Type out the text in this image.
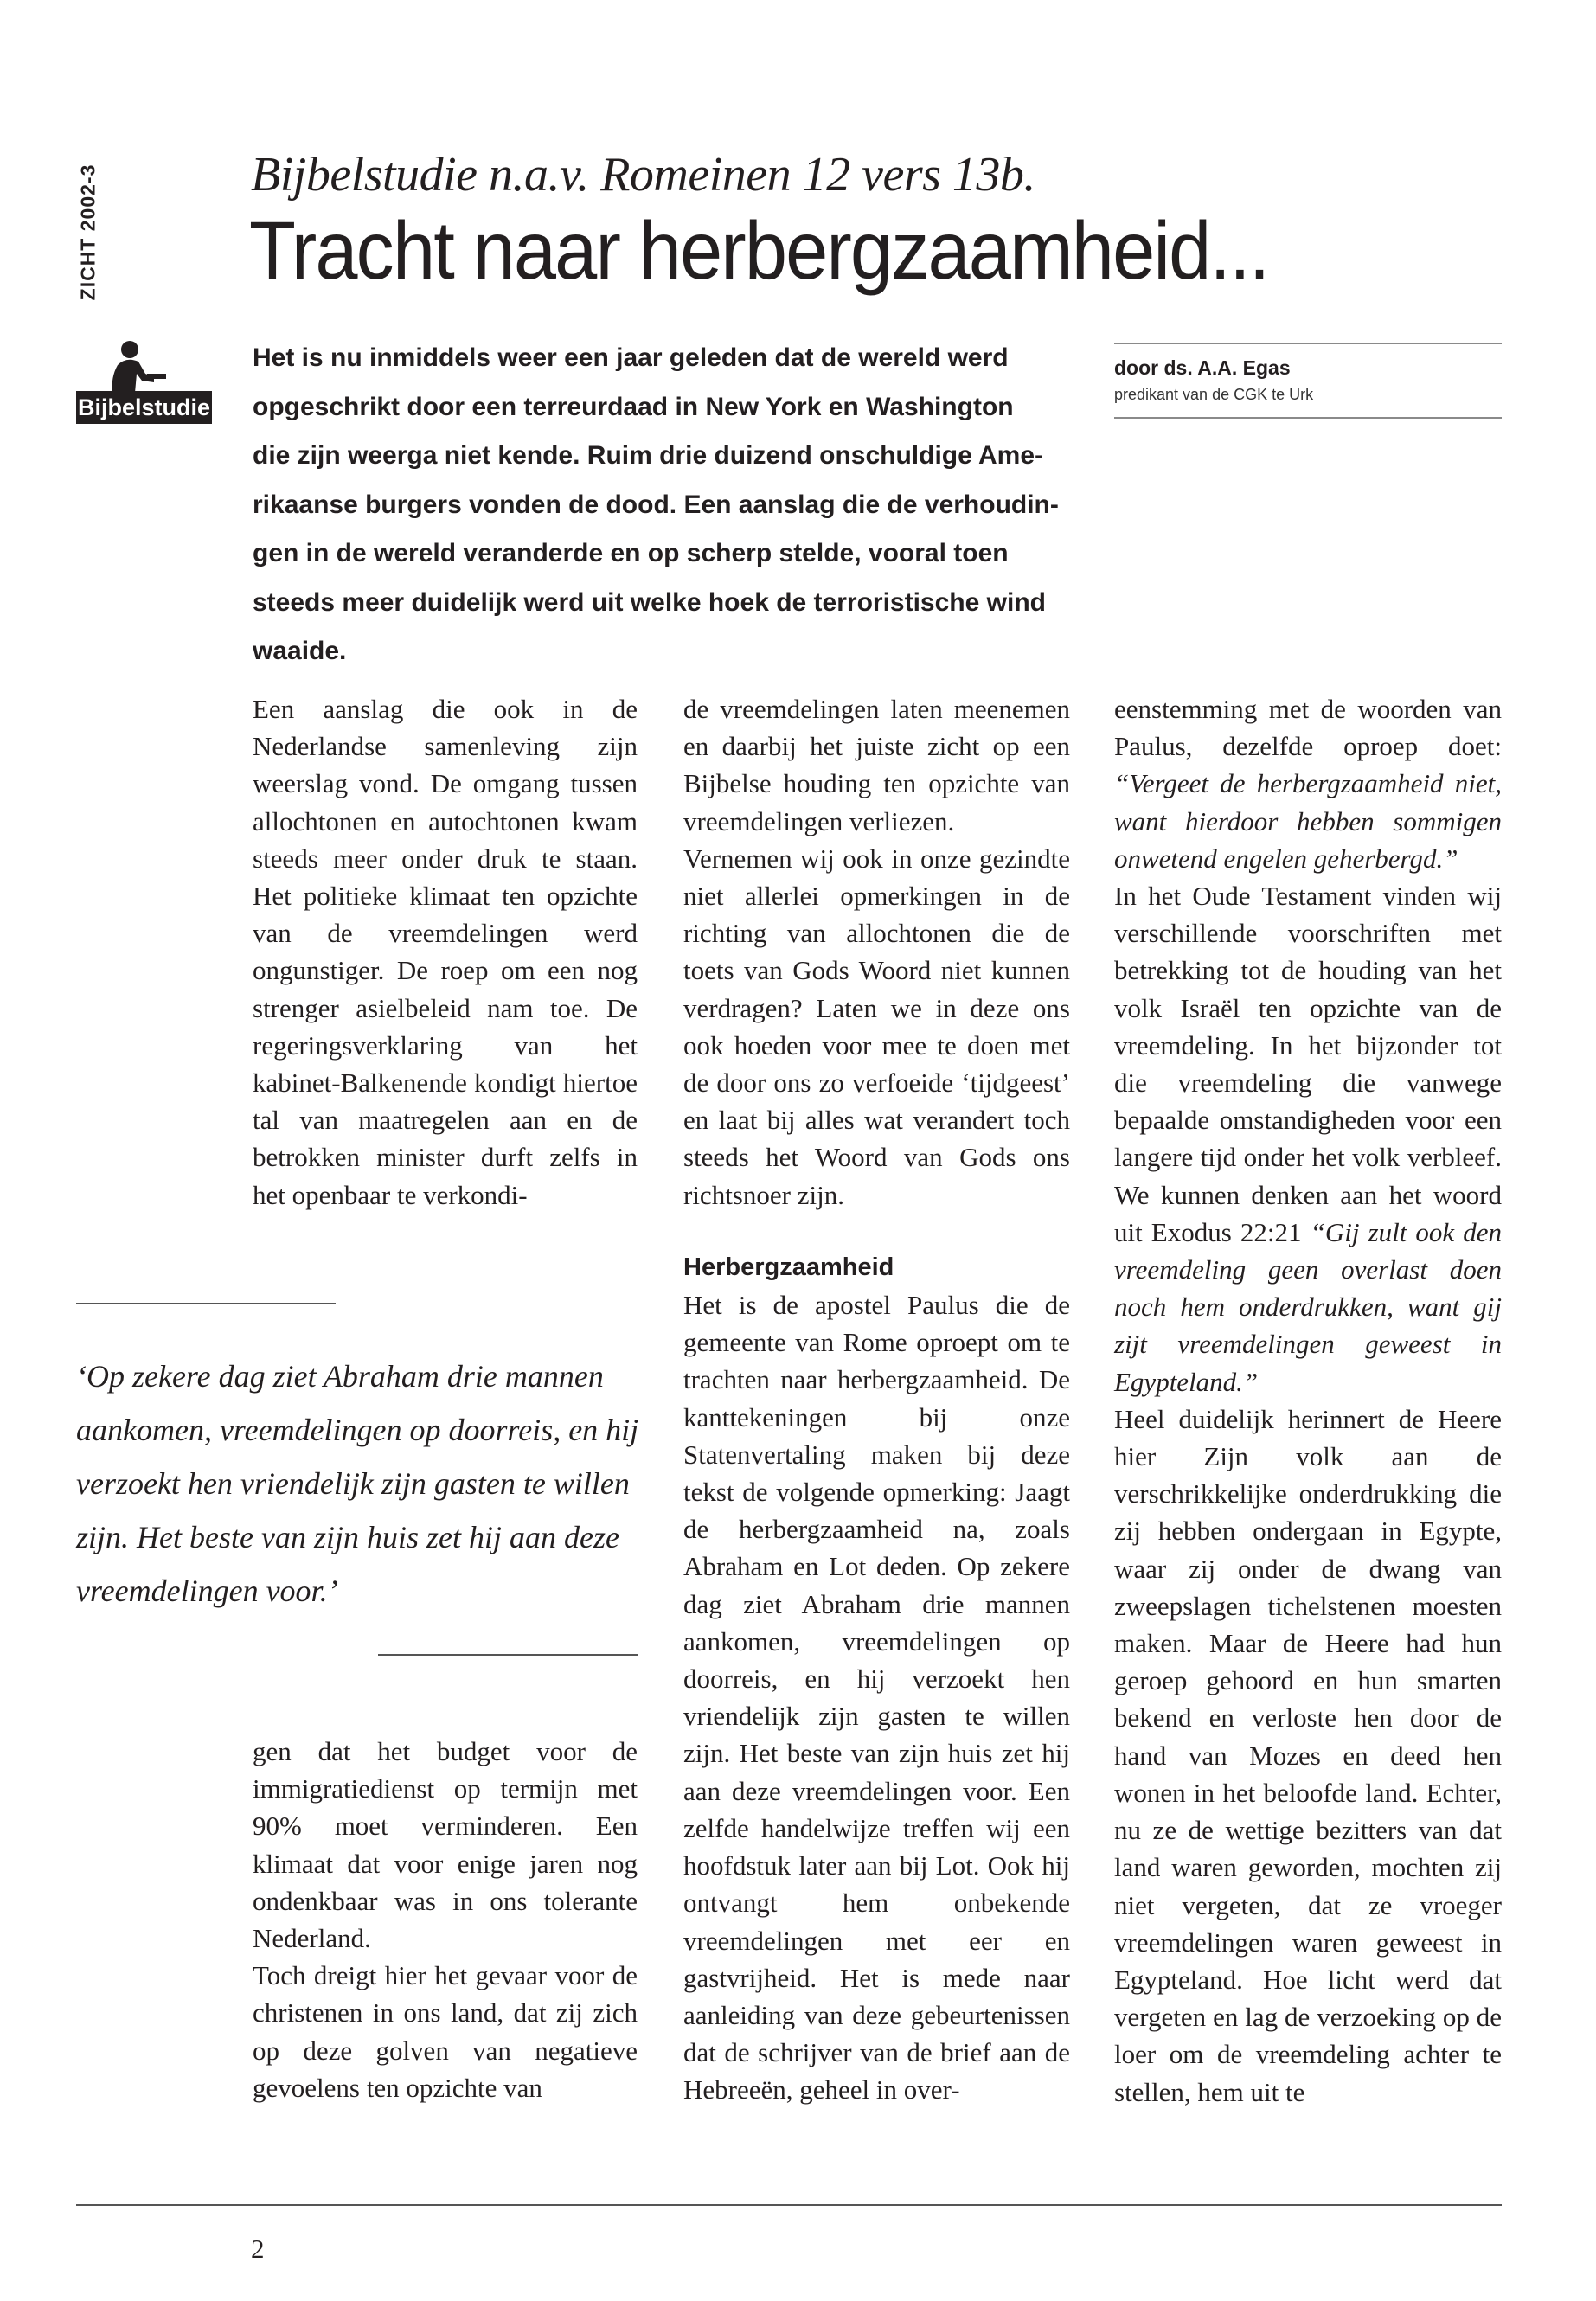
ZICHT 2002-3
Bijbelstudie
Bijbelstudie n.a.v. Romeinen 12 vers 13b.
Tracht naar herbergzaamheid...
Het is nu inmiddels weer een jaar geleden dat de wereld werd
opgeschrikt door een terreurdaad in New York en Washington
die zijn weerga niet kende. Ruim drie duizend onschuldige Ame-
rikaanse burgers vonden de dood. Een aanslag die de verhoudin-
gen in de wereld veranderde en op scherp stelde, vooral toen
steeds meer duidelijk werd uit welke hoek de terroristische wind
waaide.
door ds. A.A. Egas
predikant van de CGK te Urk

Een aanslag die ook in de Nederlandse samenleving zijn weerslag vond. De omgang tussen allochtonen en autochtonen kwam steeds meer onder druk te staan. Het politieke klimaat ten opzichte van de vreemdelingen werd ongunstiger. De roep om een nog strenger asielbeleid nam toe. De regeringsverklaring van het kabinet-Balkenende kondigt hiertoe tal van maatregelen aan en de betrokken minister durft zelfs in het openbaar te verkondi-

‘Op zekere dag ziet Abraham drie mannen aankomen, vreemdelingen op doorreis, en hij verzoekt hen vriendelijk zijn gasten te willen zijn. Het beste van zijn huis zet hij aan deze vreemdelingen voor.’

gen dat het budget voor de immigratiedienst op termijn met 90% moet verminderen. Een klimaat dat voor enige jaren nog ondenkbaar was in ons tolerante Nederland.

Toch dreigt hier het gevaar voor de christenen in ons land, dat zij zich op deze golven van negatieve gevoelens ten opzichte van

de vreemdelingen laten meenemen en daarbij het juiste zicht op een Bijbelse houding ten opzichte van vreemdelingen verliezen.

Vernemen wij ook in onze gezindte niet allerlei opmerkingen in de richting van allochtonen die de toets van Gods Woord niet kunnen verdragen? Laten we in deze ons ook hoeden voor mee te doen met de door ons zo verfoeide ‘tijdgeest’ en laat bij alles wat verandert toch steeds het Woord van Gods ons richtsnoer zijn.

Herbergzaamheid

Het is de apostel Paulus die de gemeente van Rome oproept om te trachten naar herbergzaamheid. De kanttekeningen bij onze Statenvertaling maken bij deze tekst de volgende opmerking: Jaagt de herbergzaamheid na, zoals Abraham en Lot deden. Op zekere dag ziet Abraham drie mannen aankomen, vreemdelingen op doorreis, en hij verzoekt hen vriendelijk zijn gasten te willen zijn. Het beste van zijn huis zet hij aan deze vreemdelingen voor. Een zelfde handelwijze treffen wij een hoofdstuk later aan bij Lot. Ook hij ontvangt hem onbekende vreemdelingen met eer en gastvrijheid. Het is mede naar aanleiding van deze gebeurtenissen dat de schrijver van de brief aan de Hebreeën, geheel in over-

eenstemming met de woorden van Paulus, dezelfde oproep doet: “Vergeet de herbergzaamheid niet, want hierdoor hebben sommigen onwetend engelen geherbergd.”

In het Oude Testament vinden wij verschillende voorschriften met betrekking tot de houding van het volk Israël ten opzichte van de vreemdeling. In het bijzonder tot die vreemdeling die vanwege bepaalde omstandigheden voor een langere tijd onder het volk verbleef. We kunnen denken aan het woord uit Exodus 22:21 “Gij zult ook den vreemdeling geen overlast doen noch hem onderdrukken, want gij zijt vreemdelingen geweest in Egypteland.”

Heel duidelijk herinnert de Heere hier Zijn volk aan de verschrikkelijke onderdrukking die zij hebben ondergaan in Egypte, waar zij onder de dwang van zweepslagen tichelstenen moesten maken. Maar de Heere had hun geroep gehoord en hun smarten bekend en verloste hen door de hand van Mozes en deed hen wonen in het beloofde land. Echter, nu ze de wettige bezitters van dat land waren geworden, mochten zij niet vergeten, dat ze vroeger vreemdelingen waren geweest in Egypteland. Hoe licht werd dat vergeten en lag de verzoeking op de loer om de vreemdeling achter te stellen, hem uit te

2
